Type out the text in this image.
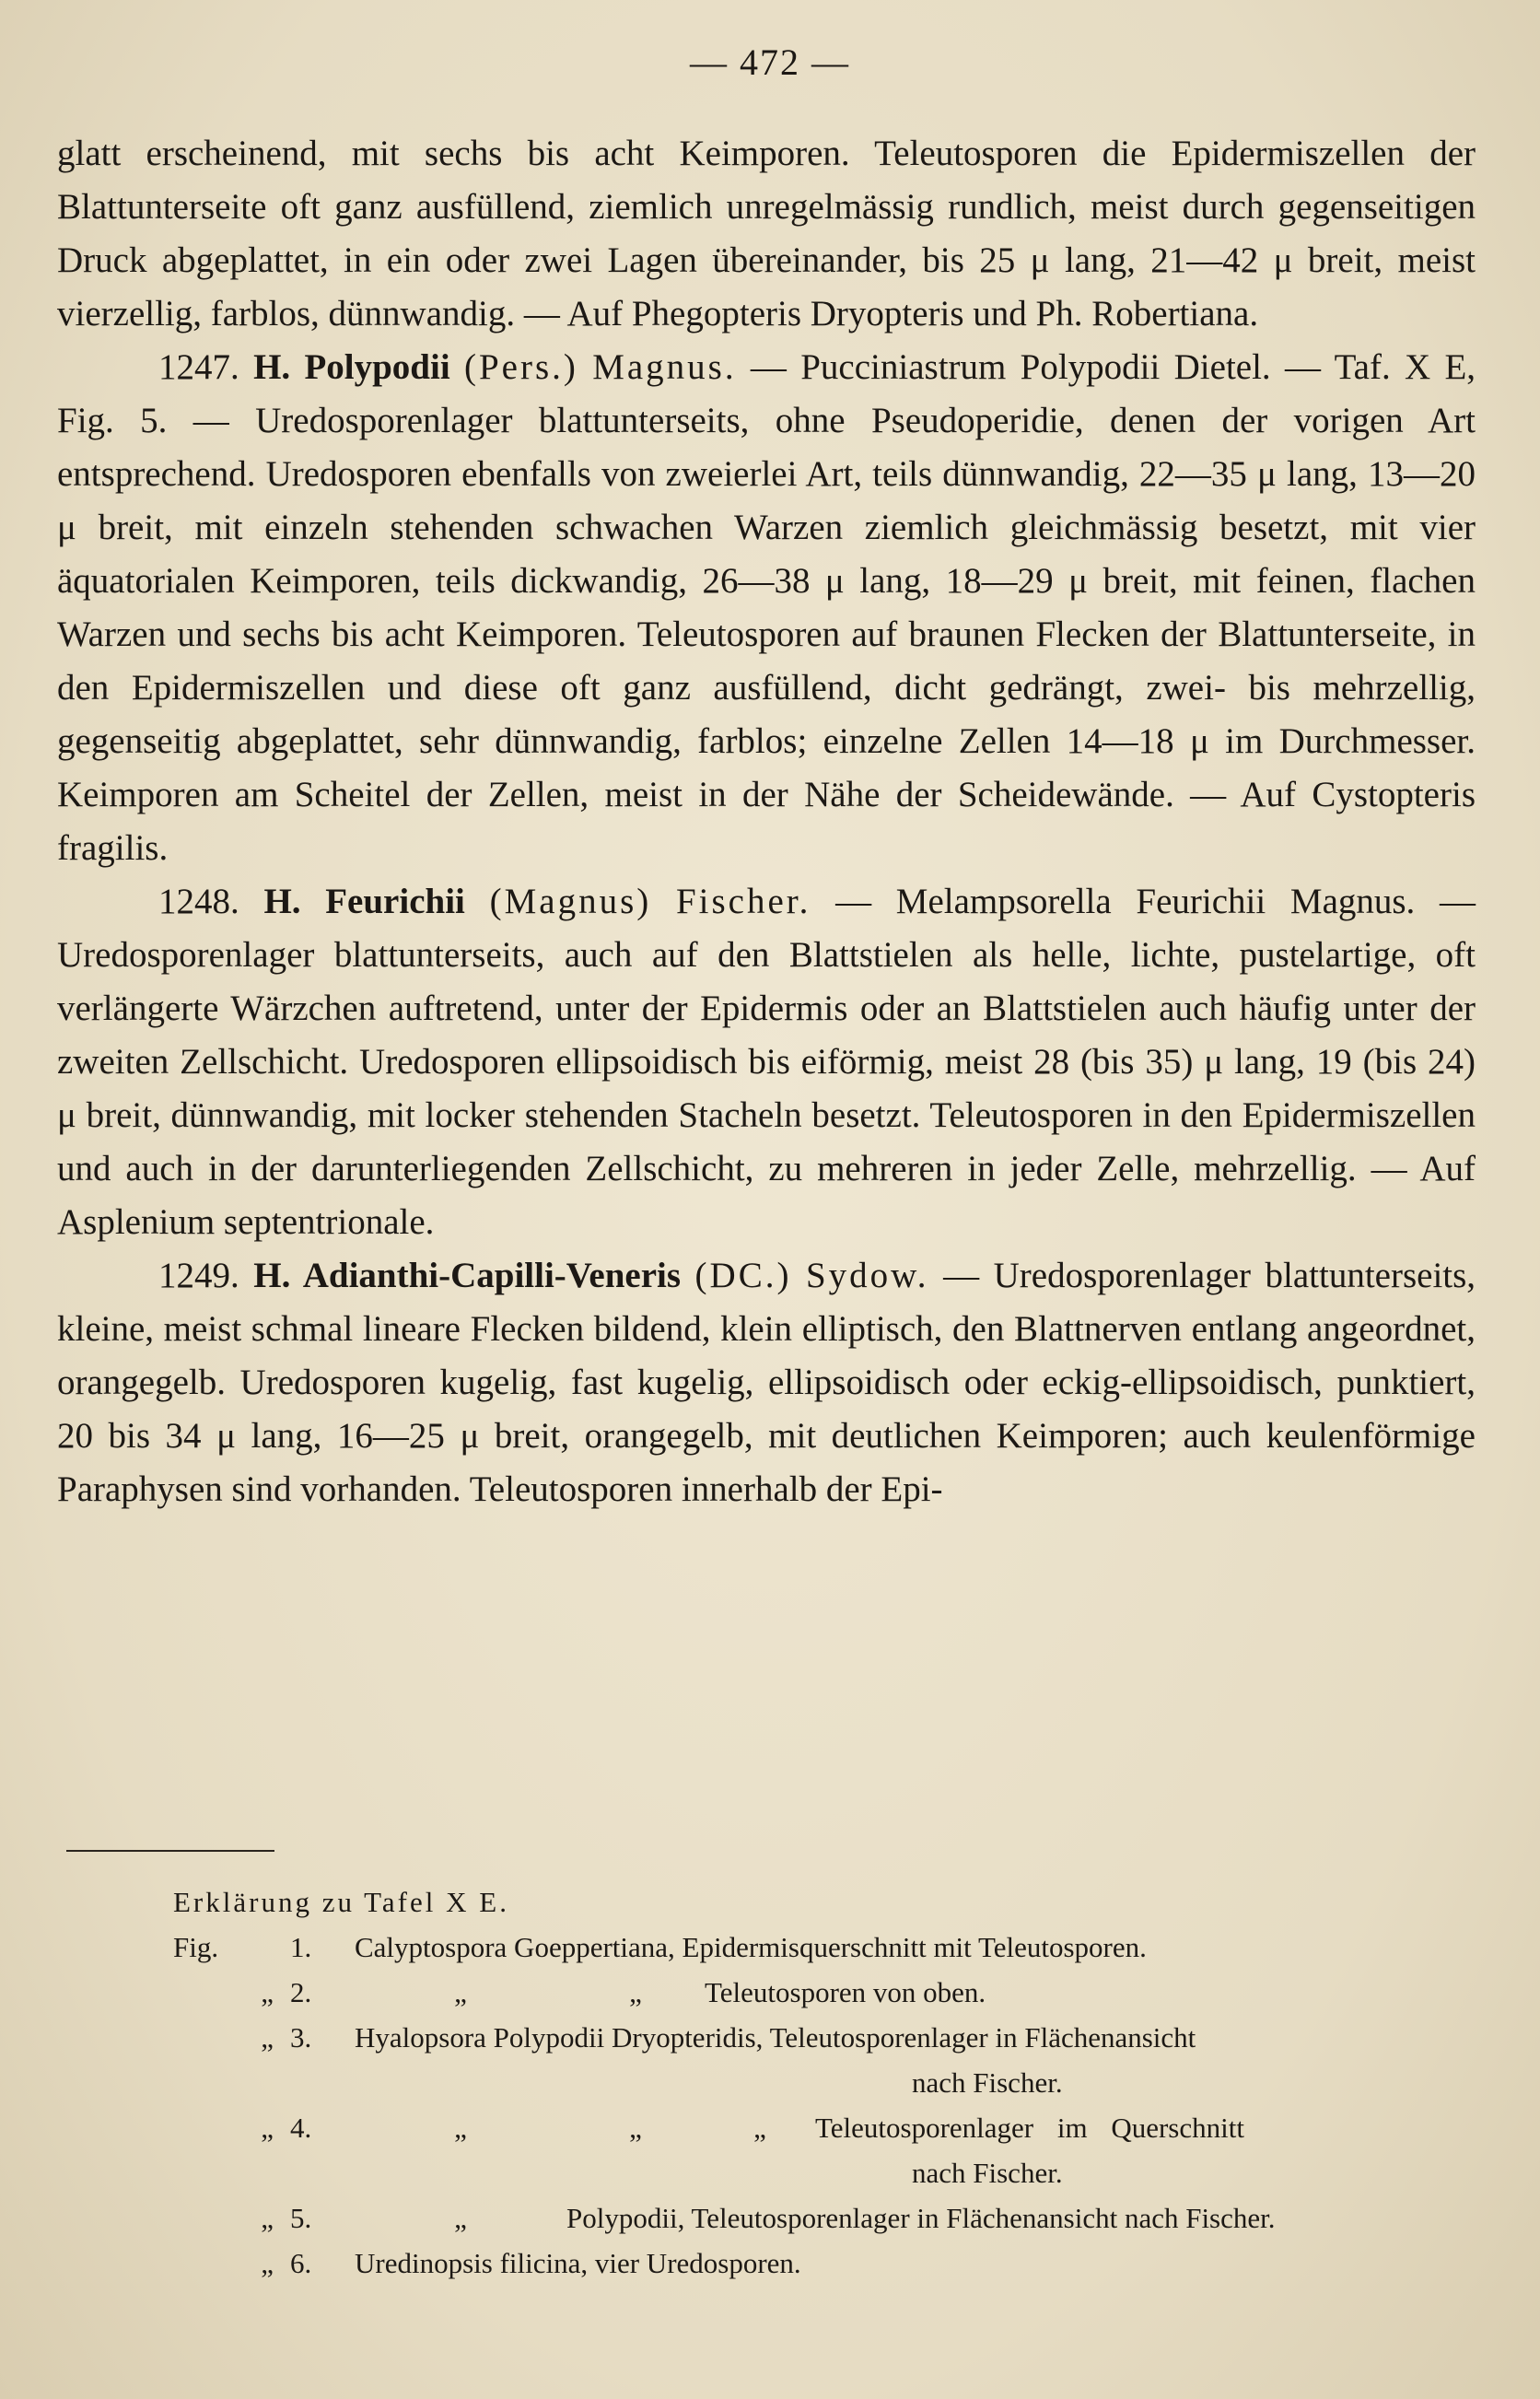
— 472 —

glatt erscheinend, mit sechs bis acht Keimporen. Teleutosporen die Epidermiszellen der Blattunterseite oft ganz ausfüllend, ziemlich unregelmässig rundlich, meist durch gegenseitigen Druck abgeplattet, in ein oder zwei Lagen übereinander, bis 25 μ lang, 21—42 μ breit, meist vierzellig, farblos, dünnwandig. — Auf Phegopteris Dryopteris und Ph. Robertiana.

1247. H. Polypodii (Pers.) Magnus. — Pucciniastrum Polypodii Dietel. — Taf. X E, Fig. 5. — Uredosporenlager blattunterseits, ohne Pseudoperidie, denen der vorigen Art entsprechend. Uredosporen ebenfalls von zweierlei Art, teils dünnwandig, 22—35 μ lang, 13—20 μ breit, mit einzeln stehenden schwachen Warzen ziemlich gleichmässig besetzt, mit vier äquatorialen Keimporen, teils dickwandig, 26—38 μ lang, 18—29 μ breit, mit feinen, flachen Warzen und sechs bis acht Keimporen. Teleutosporen auf braunen Flecken der Blattunterseite, in den Epidermiszellen und diese oft ganz ausfüllend, dicht gedrängt, zwei- bis mehrzellig, gegenseitig abgeplattet, sehr dünnwandig, farblos; einzelne Zellen 14—18 μ im Durchmesser. Keimporen am Scheitel der Zellen, meist in der Nähe der Scheidewände. — Auf Cystopteris fragilis.

1248. H. Feurichii (Magnus) Fischer. — Melampsorella Feurichii Magnus. — Uredosporenlager blattunterseits, auch auf den Blattstielen als helle, lichte, pustelartige, oft verlängerte Wärzchen auftretend, unter der Epidermis oder an Blattstielen auch häufig unter der zweiten Zellschicht. Uredosporen ellipsoidisch bis eiförmig, meist 28 (bis 35) μ lang, 19 (bis 24) μ breit, dünnwandig, mit locker stehenden Stacheln besetzt. Teleutosporen in den Epidermiszellen und auch in der darunterliegenden Zellschicht, zu mehreren in jeder Zelle, mehrzellig. — Auf Asplenium septentrionale.

1249. H. Adianthi-Capilli-Veneris (DC.) Sydow. — Uredosporenlager blattunterseits, kleine, meist schmal lineare Flecken bildend, klein elliptisch, den Blattnerven entlang angeordnet, orangegelb. Uredosporen kugelig, fast kugelig, ellipsoidisch oder eckig-ellipsoidisch, punktiert, 20 bis 34 μ lang, 16—25 μ breit, orangegelb, mit deutlichen Keimporen; auch keulenförmige Paraphysen sind vorhanden. Teleutosporen innerhalb der Epi-

Erklärung zu Tafel X E.
Fig.	1.	Calyptospora Goeppertiana, Epidermisquerschnitt mit Teleutosporen.
„ 2.	„	„	Teleutosporen von oben.
„ 3.	Hyalopsora Polypodii Dryopteridis, Teleutosporenlager in Flächenansicht
nach Fischer.
„ 4.	„	„	„	Teleutosporenlager im Querschnitt
nach Fischer.
„ 5.	„	Polypodii, Teleutosporenlager in Flächenansicht nach Fischer.
„ 6.	Uredinopsis filicina, vier Uredosporen.
